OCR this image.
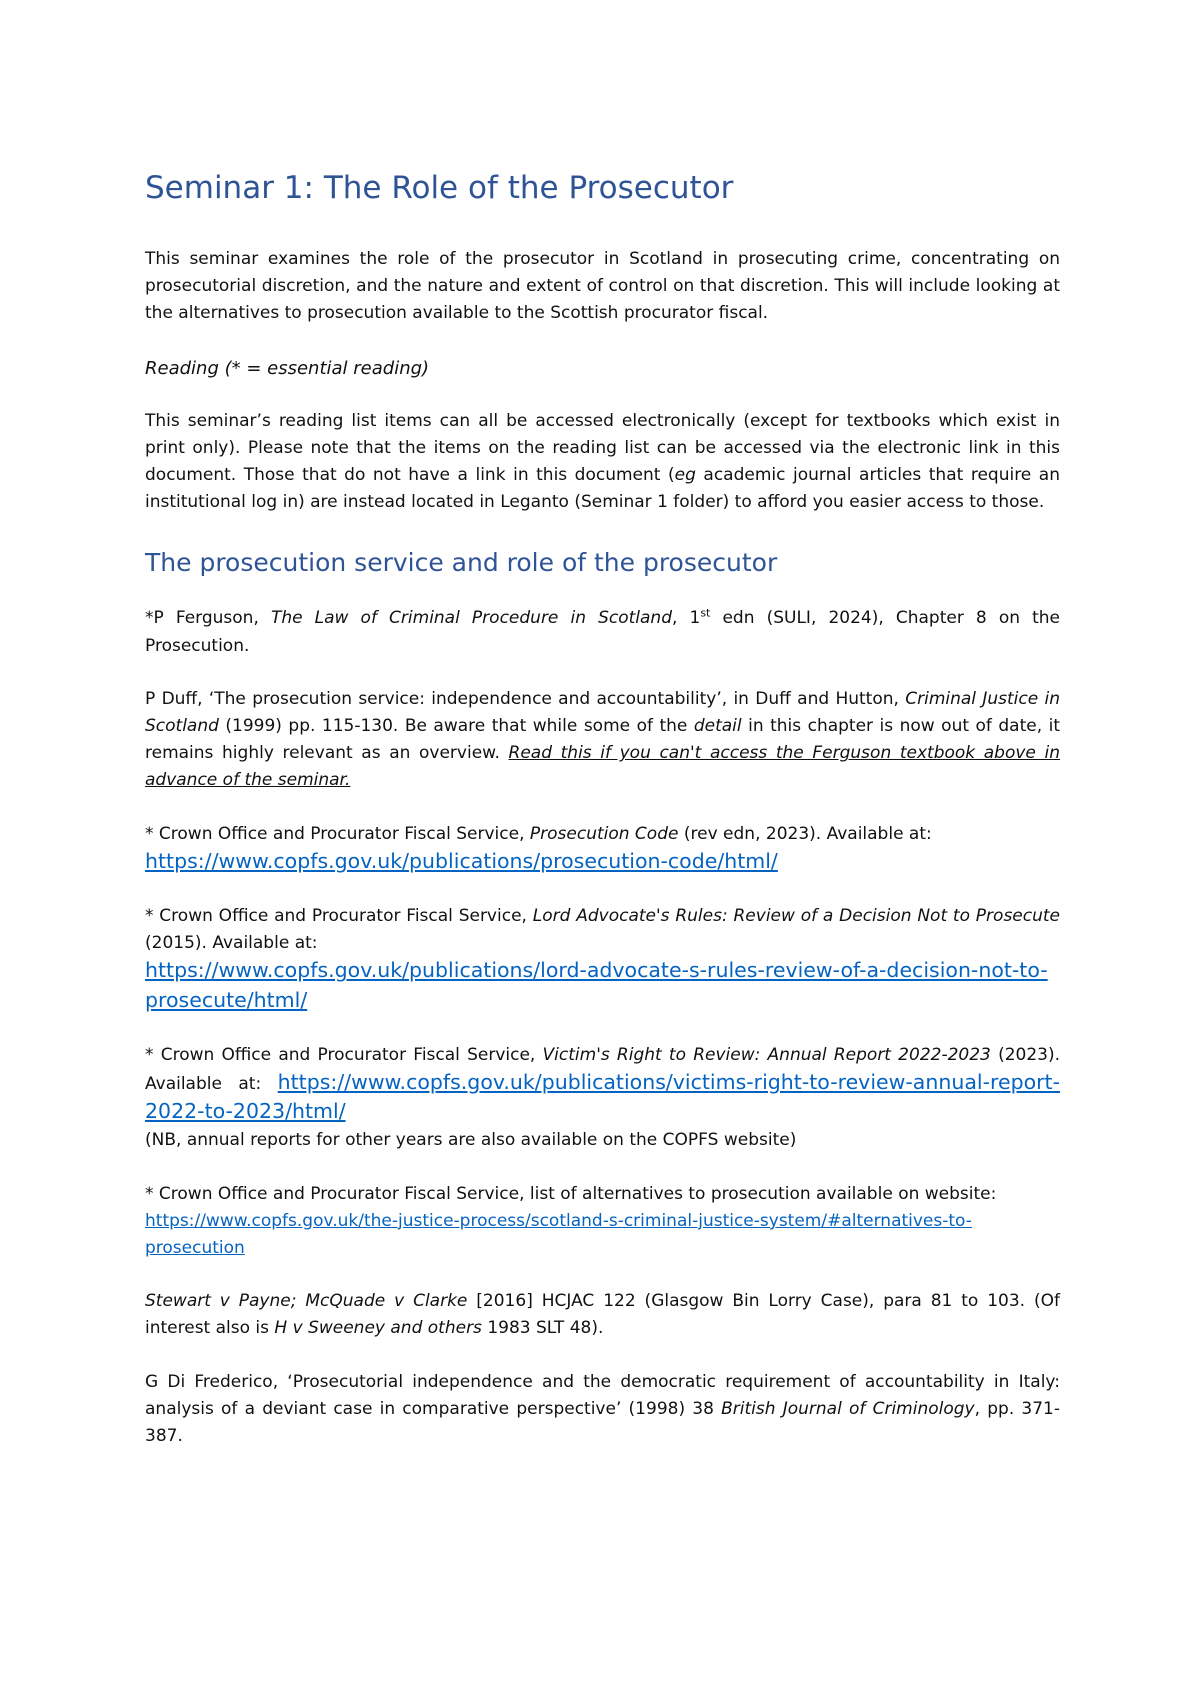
Seminar 1: The Role of the Prosecutor

This seminar examines the role of the prosecutor in Scotland in prosecuting crime, concentrating on prosecutorial discretion, and the nature and extent of control on that discretion. This will include looking at the alternatives to prosecution available to the Scottish procurator fiscal.

Reading (* = essential reading)

This seminar’s reading list items can all be accessed electronically (except for textbooks which exist in print only). Please note that the items on the reading list can be accessed via the electronic link in this document. Those that do not have a link in this document (eg academic journal articles that require an institutional log in) are instead located in Leganto (Seminar 1 folder) to afford you easier access to those.

The prosecution service and role of the prosecutor

*P Ferguson, The Law of Criminal Procedure in Scotland, 1st edn (SULI, 2024), Chapter 8 on the Prosecution.

P Duff, ‘The prosecution service: independence and accountability’, in Duff and Hutton, Criminal Justice in Scotland (1999) pp. 115-130. Be aware that while some of the detail in this chapter is now out of date, it remains highly relevant as an overview. Read this if you can't access the Ferguson textbook above in advance of the seminar.

* Crown Office and Procurator Fiscal Service, Prosecution Code (rev edn, 2023). Available at:
https://www.copfs.gov.uk/publications/prosecution-code/html/

* Crown Office and Procurator Fiscal Service, Lord Advocate's Rules: Review of a Decision Not to Prosecute (2015). Available at:
https://www.copfs.gov.uk/publications/lord-advocate-s-rules-review-of-a-decision-not-to-prosecute/html/

* Crown Office and Procurator Fiscal Service, Victim's Right to Review: Annual Report 2022-2023 (2023). Available at: https://www.copfs.gov.uk/publications/victims-right-to-review-annual-report-2022-to-2023/html/
(NB, annual reports for other years are also available on the COPFS website)

* Crown Office and Procurator Fiscal Service, list of alternatives to prosecution available on website:
https://www.copfs.gov.uk/the-justice-process/scotland-s-criminal-justice-system/#alternatives-to-prosecution

Stewart v Payne; McQuade v Clarke [2016] HCJAC 122 (Glasgow Bin Lorry Case), para 81 to 103. (Of interest also is H v Sweeney and others 1983 SLT 48).

G Di Frederico, ‘Prosecutorial independence and the democratic requirement of accountability in Italy: analysis of a deviant case in comparative perspective’ (1998) 38 British Journal of Criminology, pp. 371-387.
